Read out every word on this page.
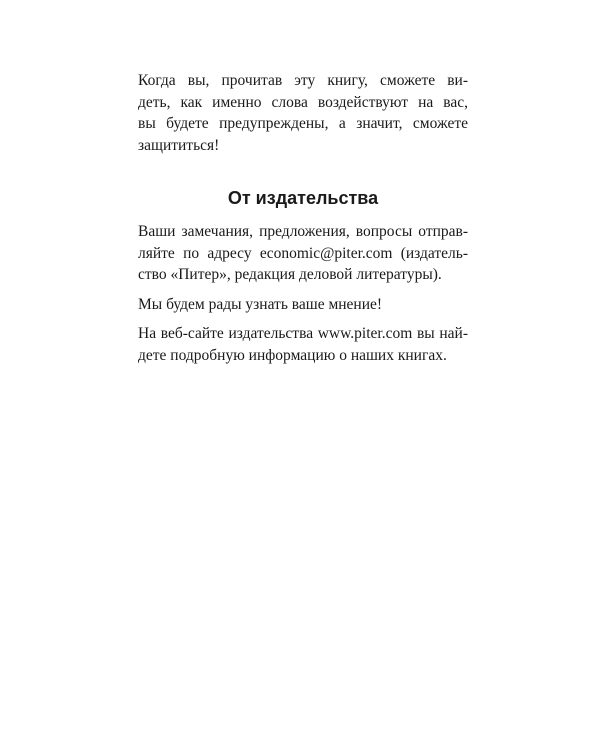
Когда вы, прочитав эту книгу, сможете ви-
деть, как именно слова воздействуют на вас,
вы будете предупреждены, а значит, сможете
защититься!

От издательства

Ваши замечания, предложения, вопросы отправ-
ляйте по адресу economic@piter.com (издатель-
ство «Питер», редакция деловой литературы).

Мы будем рады узнать ваше мнение!

На веб-сайте издательства www.piter.com вы най-
дете подробную информацию о наших книгах.
